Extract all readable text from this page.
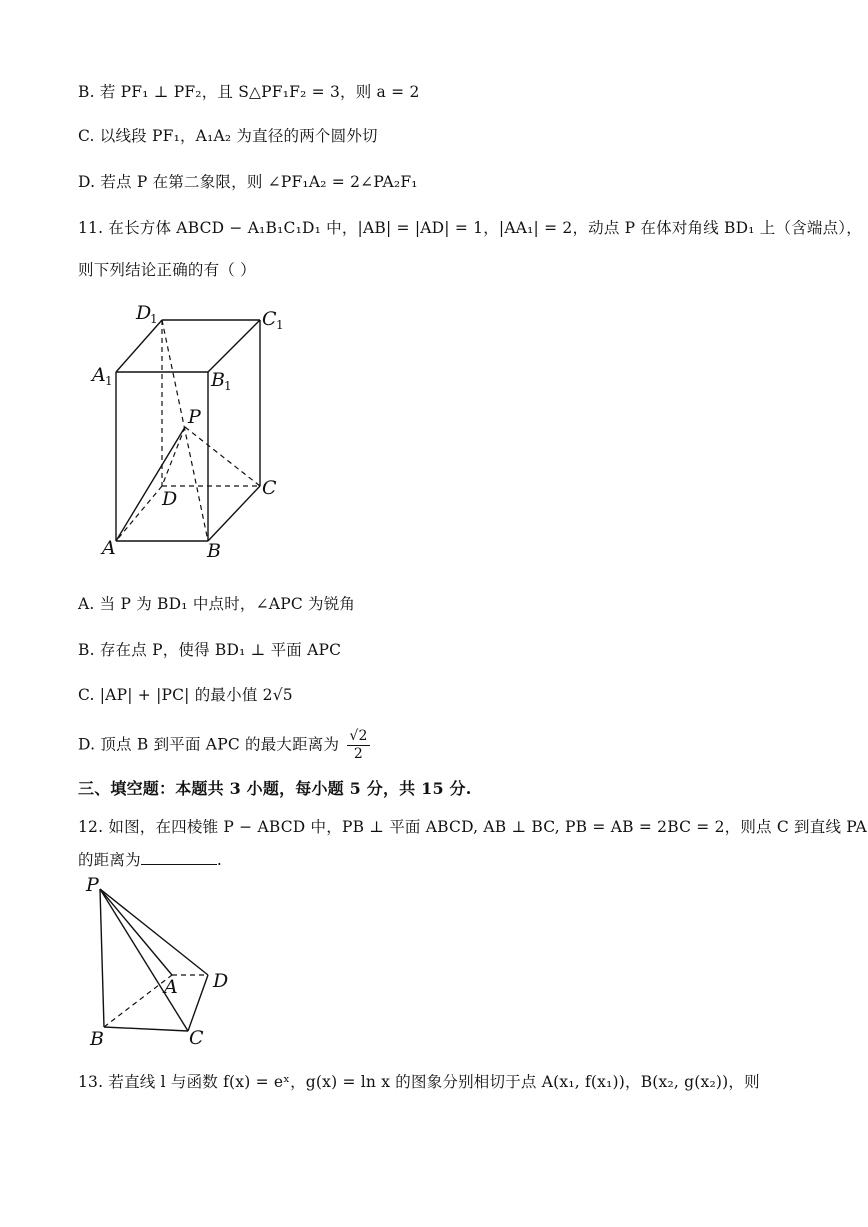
B. 若 PF₁ ⊥ PF₂，且 S△PF₁F₂ = 3，则 a = 2
C. 以线段 PF₁，A₁A₂ 为直径的两个圆外切
D. 若点 P 在第二象限，则 ∠PF₁A₂ = 2∠PA₂F₁
11. 在长方体 ABCD − A₁B₁C₁D₁ 中，|AB| = |AD| = 1，|AA₁| = 2，动点 P 在体对角线 BD₁ 上（含端点），
则下列结论正确的有（ ）
D
1	C 1
A 1	B 1
P
D	C
A	B
A. 当 P 为 BD₁ 中点时，∠APC 为锐角
B. 存在点 P，使得 BD₁ ⊥ 平面 APC
C. |AP| + |PC| 的最小值 2√5
D. 顶点 B 到平面 APC 的最大距离为 $\frac{√2}{2}$
三、填空题：本题共 3 小题，每小题 5 分，共 15 分.
12. 如图，在四棱锥 P − ABCD 中，PB ⊥ 平面 ABCD, AB ⊥ BC, PB = AB = 2BC = 2，则点 C 到直线 PA
的距离为	.
P
A D
B	C
13. 若直线 l 与函数 f(x) = eˣ，g(x) = ln x 的图象分别相切于点 A(x₁, f(x₁))，B(x₂, g(x₂))，则
